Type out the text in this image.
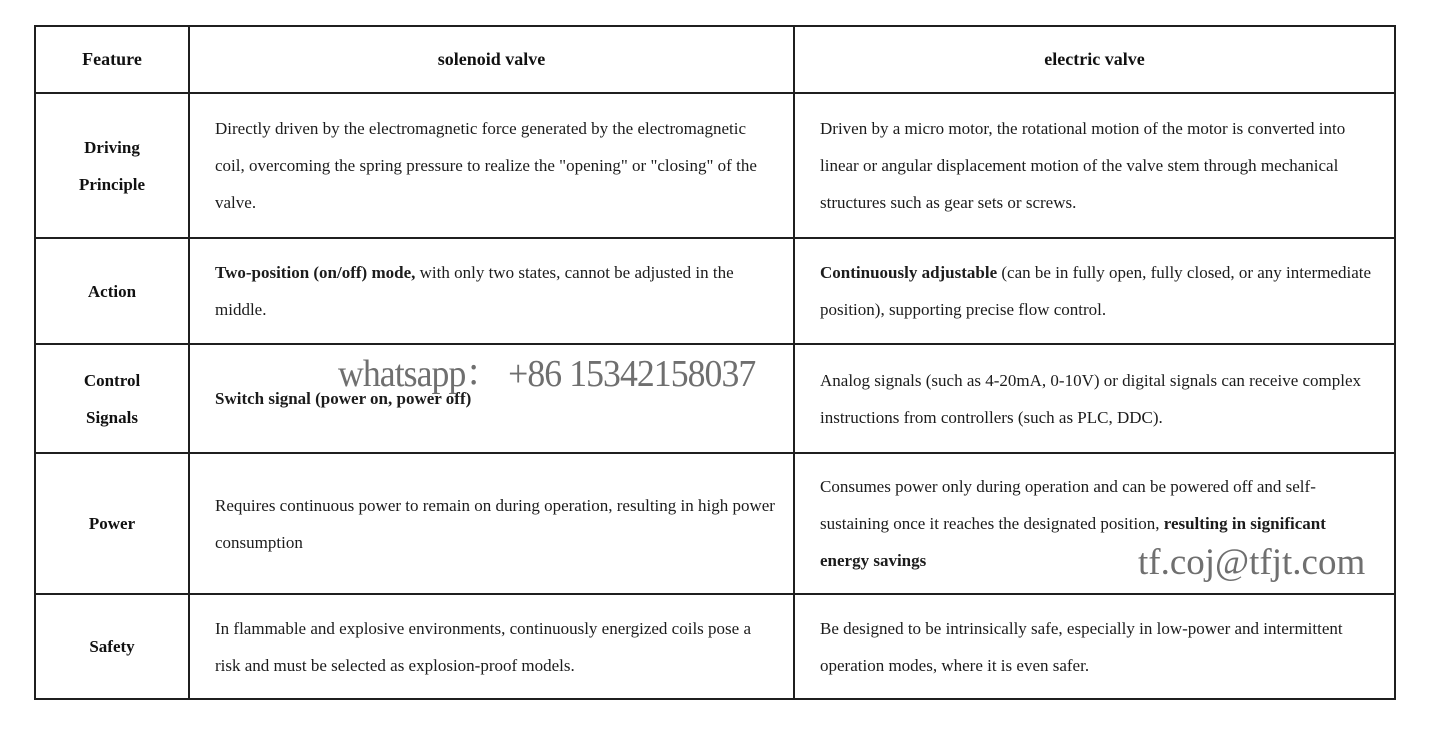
Feature	solenoid valve	electric valve
Driving Principle	Directly driven by the electromagnetic force generated by the electromagnetic coil, overcoming the spring pressure to realize the "opening" or "closing" of the valve.	Driven by a micro motor, the rotational motion of the motor is converted into linear or angular displacement motion of the valve stem through mechanical structures such as gear sets or screws.
Action	Two-position (on/off) mode, with only two states, cannot be adjusted in the middle.	Continuously adjustable (can be in fully open, fully closed, or any intermediate position), supporting precise flow control.
Control Signals	Switch signal (power on, power off)	Analog signals (such as 4-20mA, 0-10V) or digital signals can receive complex instructions from controllers (such as PLC, DDC).
Power	Requires continuous power to remain on during operation, resulting in high power consumption	Consumes power only during operation and can be powered off and self-sustaining once it reaches the designated position, resulting in significant energy savings
Safety	In flammable and explosive environments, continuously energized coils pose a risk and must be selected as explosion-proof models.	Be designed to be intrinsically safe, especially in low-power and intermittent operation modes, where it is even safer.
whatsapp： +86 15342158037
tf.coj@tfjt.com
